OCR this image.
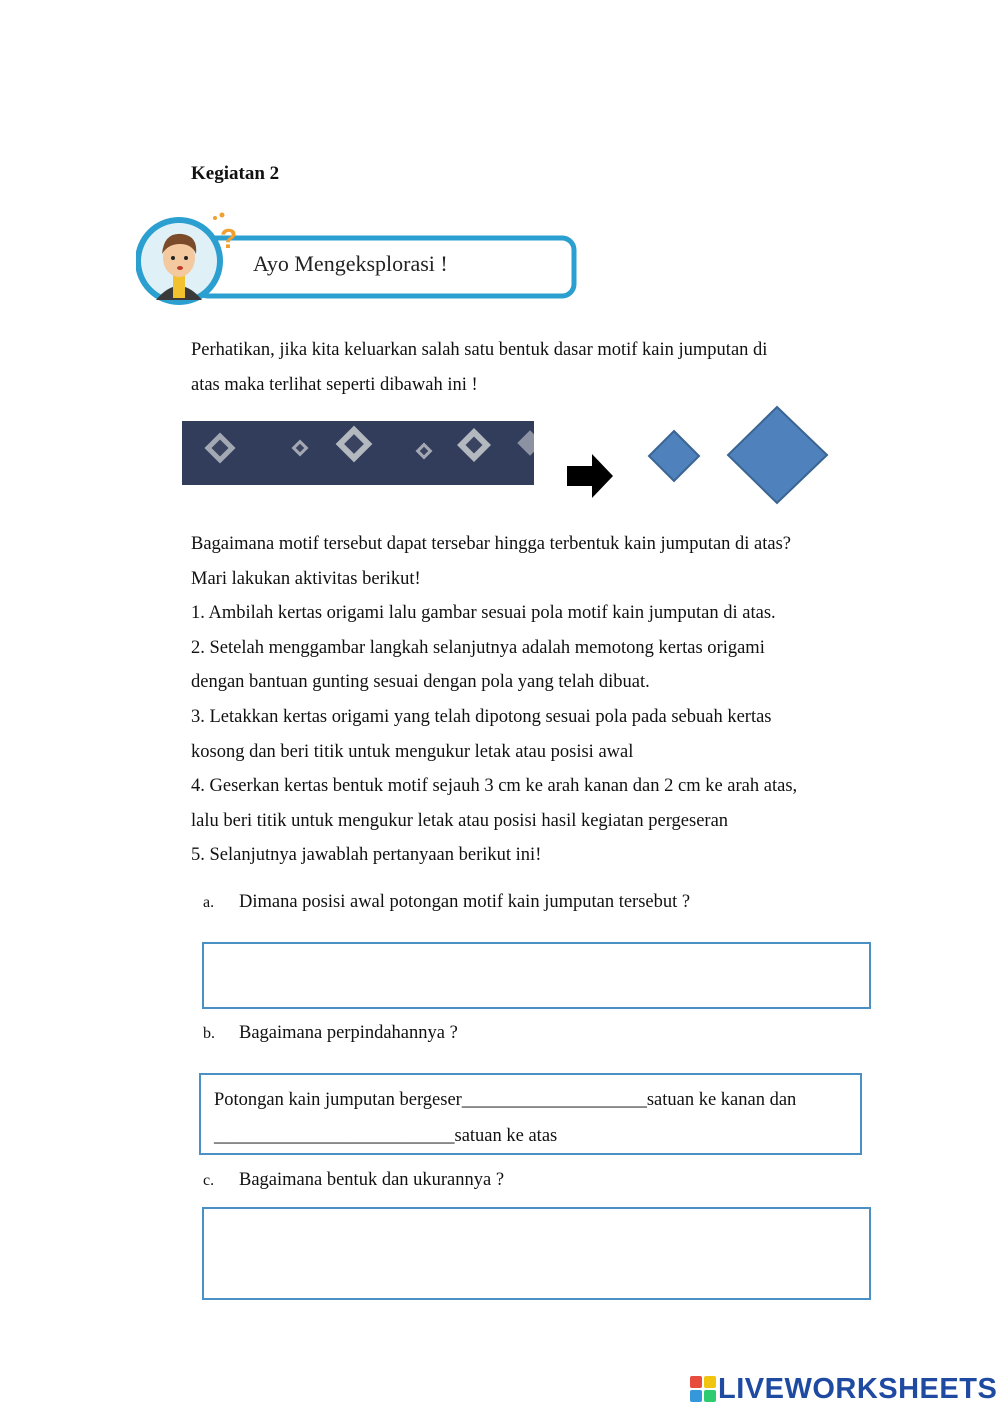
Kegiatan 2
?
Ayo Mengeksplorasi !
Perhatikan, jika kita keluarkan salah satu bentuk dasar motif kain jumputan di
atas maka terlihat seperti dibawah ini !
Bagaimana motif tersebut dapat tersebar hingga terbentuk kain jumputan di atas?
Mari lakukan aktivitas berikut!
1. Ambilah kertas origami lalu gambar sesuai pola motif kain jumputan di atas.
2. Setelah menggambar langkah selanjutnya adalah memotong kertas origami
dengan bantuan gunting sesuai dengan pola yang telah dibuat.
3. Letakkan kertas origami yang telah dipotong sesuai pola pada sebuah kertas
kosong dan beri titik untuk mengukur letak atau posisi awal
4. Geserkan kertas bentuk motif sejauh 3 cm ke arah kanan dan 2 cm ke arah atas,
lalu beri titik untuk mengukur letak atau posisi hasil kegiatan pergeseran
5. Selanjutnya jawablah pertanyaan berikut ini!
a. Dimana posisi awal potongan motif kain jumputan tersebut ?
b. Bagaimana perpindahannya ?
Potongan kain jumputan bergeser____________________satuan ke kanan dan
__________________________satuan ke atas
c. Bagaimana bentuk dan ukurannya ?
LIVEWORKSHEETS
